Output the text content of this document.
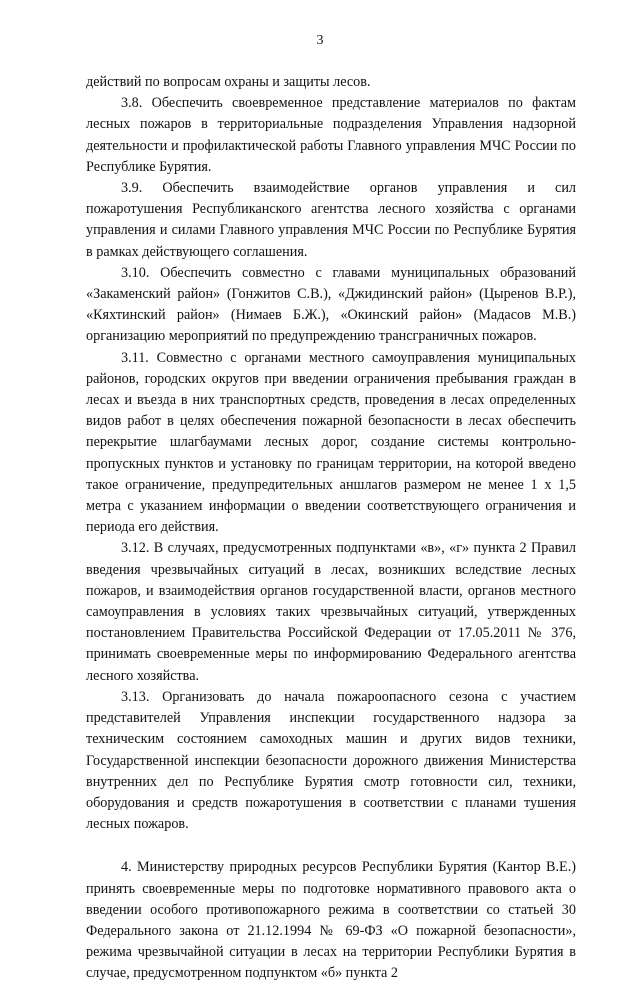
3

действий по вопросам охраны и защиты лесов.

3.8. Обеспечить своевременное представление материалов по фактам лесных пожаров в территориальные подразделения Управления надзорной деятельности и профилактической работы Главного управления МЧС России по Республике Бурятия.

3.9. Обеспечить взаимодействие органов управления и сил пожаротушения Республиканского агентства лесного хозяйства с органами управления и силами Главного управления МЧС России по Республике Бурятия в рамках действующего соглашения.

3.10. Обеспечить совместно с главами муниципальных образований «Закаменский район» (Гонжитов С.В.), «Джидинский район» (Цыренов В.Р.), «Кяхтинский район» (Нимаев Б.Ж.), «Окинский район» (Мадасов М.В.) организацию мероприятий по предупреждению трансграничных пожаров.

3.11. Совместно с органами местного самоуправления муниципальных районов, городских округов при введении ограничения пребывания граждан в лесах и въезда в них транспортных средств, проведения в лесах определенных видов работ в целях обеспечения пожарной безопасности в лесах обеспечить перекрытие шлагбаумами лесных дорог, создание системы контрольно-пропускных пунктов и установку по границам территории, на которой введено такое ограничение, предупредительных аншлагов размером не менее 1 х 1,5 метра с указанием информации о введении соответствующего ограничения и периода его действия.

3.12. В случаях, предусмотренных подпунктами «в», «г» пункта 2 Правил введения чрезвычайных ситуаций в лесах, возникших вследствие лесных пожаров, и взаимодействия органов государственной власти, органов местного самоуправления в условиях таких чрезвычайных ситуаций, утвержденных постановлением Правительства Российской Федерации от 17.05.2011 № 376, принимать своевременные меры по информированию Федерального агентства лесного хозяйства.

3.13. Организовать до начала пожароопасного сезона с участием представителей Управления инспекции государственного надзора за техническим состоянием самоходных машин и других видов техники, Государственной инспекции безопасности дорожного движения Министерства внутренних дел по Республике Бурятия смотр готовности сил, техники, оборудования и средств пожаротушения в соответствии с планами тушения лесных пожаров.

4. Министерству природных ресурсов Республики Бурятия (Кантор В.Е.) принять своевременные меры по подготовке нормативного правового акта о введении особого противопожарного режима в соответствии со статьей 30 Федерального закона от 21.12.1994 № 69-ФЗ «О пожарной безопасности», режима чрезвычайной ситуации в лесах на территории Республики Бурятия в случае, предусмотренном подпунктом «б» пункта 2
